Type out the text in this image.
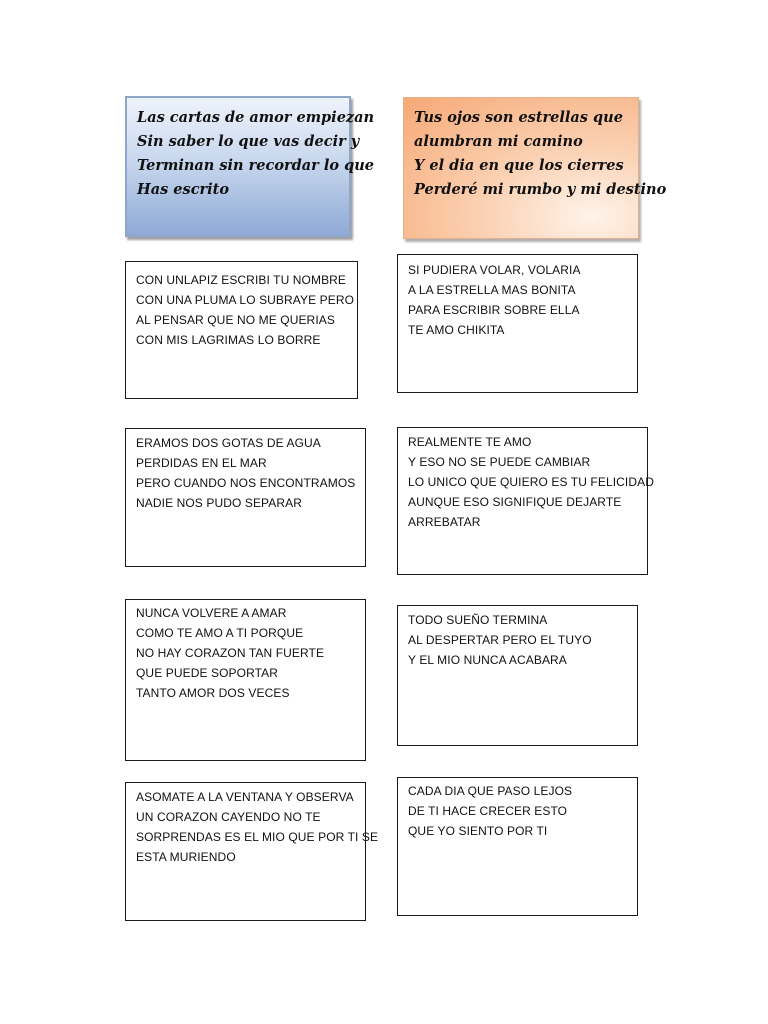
Las cartas de amor empiezan
Sin saber lo que vas decir y
Terminan sin recordar lo que
Has escrito
Tus ojos son estrellas que
alumbran mi camino
Y el dia en que los cierres
Perderé mi rumbo y mi destino
CON UNLAPIZ ESCRIBI TU NOMBRE
CON UNA PLUMA LO SUBRAYE PERO
AL PENSAR QUE NO ME QUERIAS
CON MIS LAGRIMAS LO BORRE
SI PUDIERA VOLAR, VOLARIA
A LA ESTRELLA MAS BONITA
PARA ESCRIBIR SOBRE ELLA
TE AMO CHIKITA
ERAMOS DOS GOTAS DE AGUA
PERDIDAS EN EL MAR
PERO CUANDO NOS ENCONTRAMOS
NADIE NOS PUDO SEPARAR
REALMENTE TE AMO
Y ESO NO SE PUEDE CAMBIAR
LO UNICO QUE QUIERO ES TU FELICIDAD
AUNQUE ESO SIGNIFIQUE DEJARTE
ARREBATAR
NUNCA VOLVERE A AMAR
COMO TE AMO A TI PORQUE
NO HAY CORAZON TAN FUERTE
QUE PUEDE SOPORTAR
TANTO AMOR DOS VECES
TODO SUEÑO TERMINA
AL DESPERTAR PERO EL TUYO
Y EL MIO NUNCA ACABARA
ASOMATE A LA VENTANA Y OBSERVA
UN CORAZON CAYENDO NO TE
SORPRENDAS ES EL MIO QUE POR TI SE
ESTA MURIENDO
CADA DIA QUE PASO LEJOS
DE TI HACE CRECER ESTO
QUE YO SIENTO POR TI
